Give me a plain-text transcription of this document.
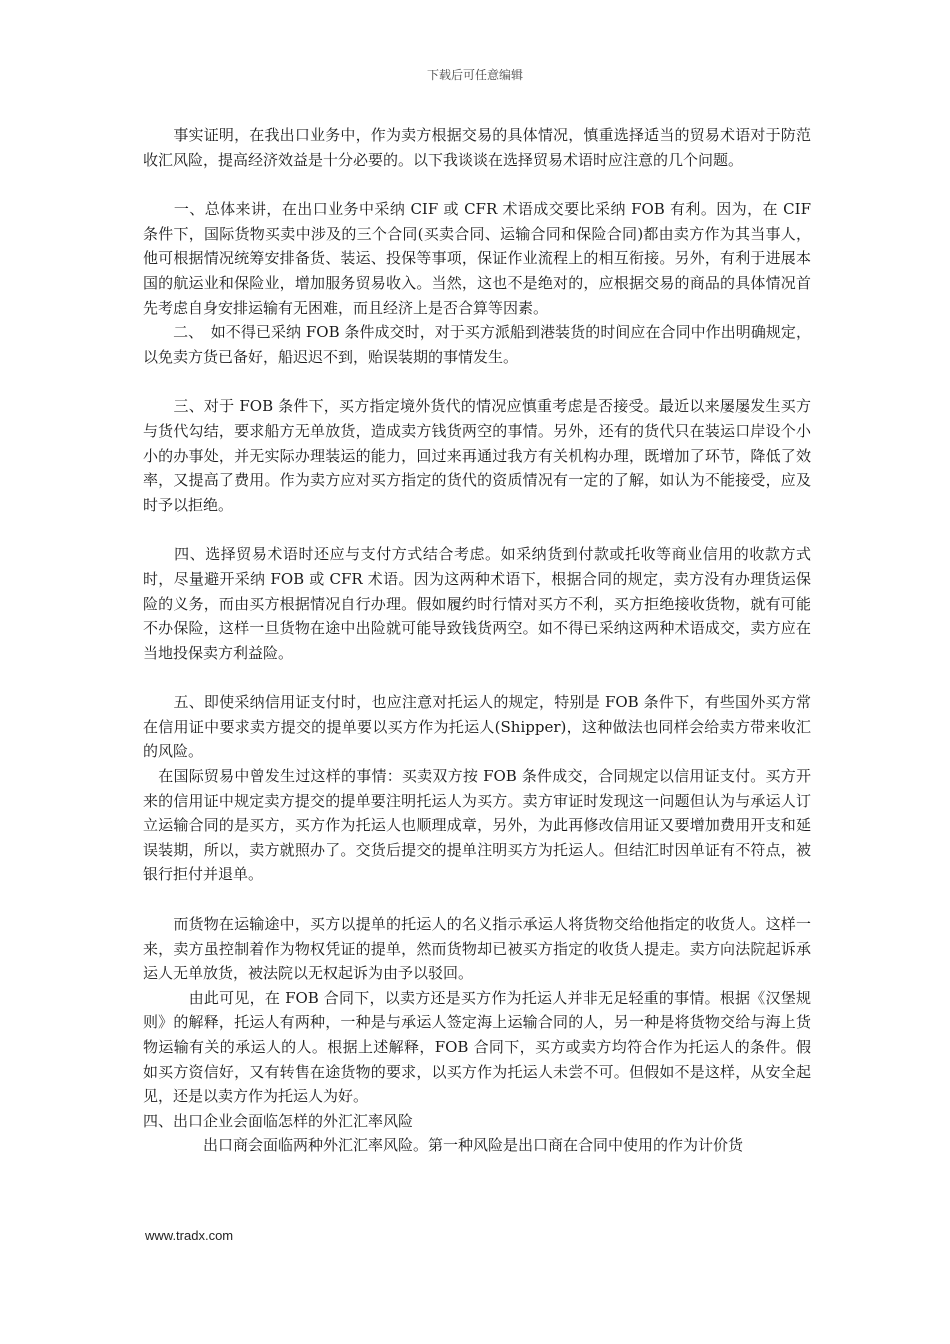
下载后可任意编辑

　　事实证明，在我出口业务中，作为卖方根据交易的具体情况，慎重选择适当的贸易术语对于防范收汇风险，提高经济效益是十分必要的。以下我谈谈在选择贸易术语时应注意的几个问题。

　　一、总体来讲，在出口业务中采纳 CIF 或 CFR 术语成交要比采纳 FOB 有利。因为，在 CIF 条件下，国际货物买卖中涉及的三个合同(买卖合同、运输合同和保险合同)都由卖方作为其当事人，他可根据情况统筹安排备货、装运、投保等事项，保证作业流程上的相互衔接。另外，有利于进展本国的航运业和保险业，增加服务贸易收入。当然，这也不是绝对的，应根据交易的商品的具体情况首先考虑自身安排运输有无困难，而且经济上是否合算等因素。

　　二、　如不得已采纳 FOB 条件成交时，对于买方派船到港装货的时间应在合同中作出明确规定，以免卖方货已备好，船迟迟不到，贻误装期的事情发生。

　　三、对于 FOB 条件下，买方指定境外货代的情况应慎重考虑是否接受。最近以来屡屡发生买方与货代勾结，要求船方无单放货，造成卖方钱货两空的事情。另外，还有的货代只在装运口岸设个小小的办事处，并无实际办理装运的能力，回过来再通过我方有关机构办理，既增加了环节，降低了效率，又提高了费用。作为卖方应对买方指定的货代的资质情况有一定的了解，如认为不能接受，应及时予以拒绝。

　　四、选择贸易术语时还应与支付方式结合考虑。如采纳货到付款或托收等商业信用的收款方式时，尽量避开采纳 FOB 或 CFR 术语。因为这两种术语下，根据合同的规定，卖方没有办理货运保险的义务，而由买方根据情况自行办理。假如履约时行情对买方不利，买方拒绝接收货物，就有可能不办保险，这样一旦货物在途中出险就可能导致钱货两空。如不得已采纳这两种术语成交，卖方应在当地投保卖方利益险。

　　五、即使采纳信用证支付时，也应注意对托运人的规定，特别是 FOB 条件下，有些国外买方常在信用证中要求卖方提交的提单要以买方作为托运人(Shipper)，这种做法也同样会给卖方带来收汇的风险。

　在国际贸易中曾发生过这样的事情：买卖双方按 FOB 条件成交，合同规定以信用证支付。买方开来的信用证中规定卖方提交的提单要注明托运人为买方。卖方审证时发现这一问题但认为与承运人订立运输合同的是买方，买方作为托运人也顺理成章，另外，为此再修改信用证又要增加费用开支和延误装期，所以，卖方就照办了。交货后提交的提单注明买方为托运人。但结汇时因单证有不符点，被银行拒付并退单。

　　而货物在运输途中，买方以提单的托运人的名义指示承运人将货物交给他指定的收货人。这样一来，卖方虽控制着作为物权凭证的提单，然而货物却已被买方指定的收货人提走。卖方向法院起诉承运人无单放货，被法院以无权起诉为由予以驳回。

　　　由此可见，在 FOB 合同下，以卖方还是买方作为托运人并非无足轻重的事情。根据《汉堡规则》的解释，托运人有两种，一种是与承运人签定海上运输合同的人，另一种是将货物交给与海上货物运输有关的承运人的人。根据上述解释，FOB 合同下，买方或卖方均符合作为托运人的条件。假如买方资信好，又有转售在途货物的要求，以买方作为托运人未尝不可。但假如不是这样，从安全起见，还是以卖方作为托运人为好。

四、出口企业会面临怎样的外汇汇率风险

　　　　出口商会面临两种外汇汇率风险。第一种风险是出口商在合同中使用的作为计价货

www.tradx.com
